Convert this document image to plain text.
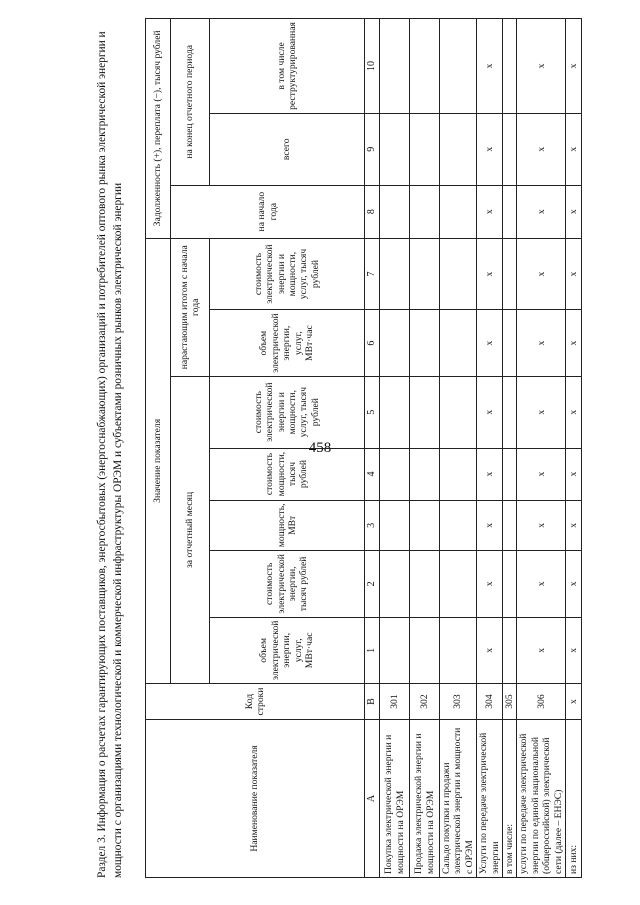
458
Раздел 3. Информация о расчетах гарантирующих поставщиков, энергосбытовых (энергоснабжающих) организаций и потребителей оптового рынка электрической энергии и мощности с организациями технологической и коммерческой инфраструктуры ОРЭМ и субъектами розничных рынков электрической энергии	Наименование показателя	Код строки	Значение показателя							Задолженность (+), переплата (−), тысяч рублей		
		за отчетный месяц					нарастающим итогом с начала года				
									на начало года	на конец отчетного периода	
		объем электрической энергии, услуг, МВт·час	стоимость электрической энергии, тысяч рублей	мощность, МВт	стоимость мощности, тысяч рублей	стоимость электрической энергии и мощности, услуг, тысяч рублей	объем электрической энергии, услуг, МВт·час	стоимость электрической энергии и мощности, услуг, тысяч рублей		всего	в том числе реструктурированная
А	В	1	2	3	4	5	6	7	8	9	10
Покупка электрической энергии и мощности на ОРЭМ	301										
Продажа электрической энергии и мощности на ОРЭМ	302										
Сальдо покупки и продажи электрической энергии и мощности с ОРЭМ	303										
Услуги по передаче электрической энергии	304	х	х	х	х	х	х	х	х	х	х
в том числе:	305										
услуги по передаче электрической энергии по единой национальной (общероссийской) электрической сети (далее – ЕНЭС)	306	х	х	х	х	х	х	х	х	х	х
из них:	х	х	х	х	х	х	х	х	х	х	х
